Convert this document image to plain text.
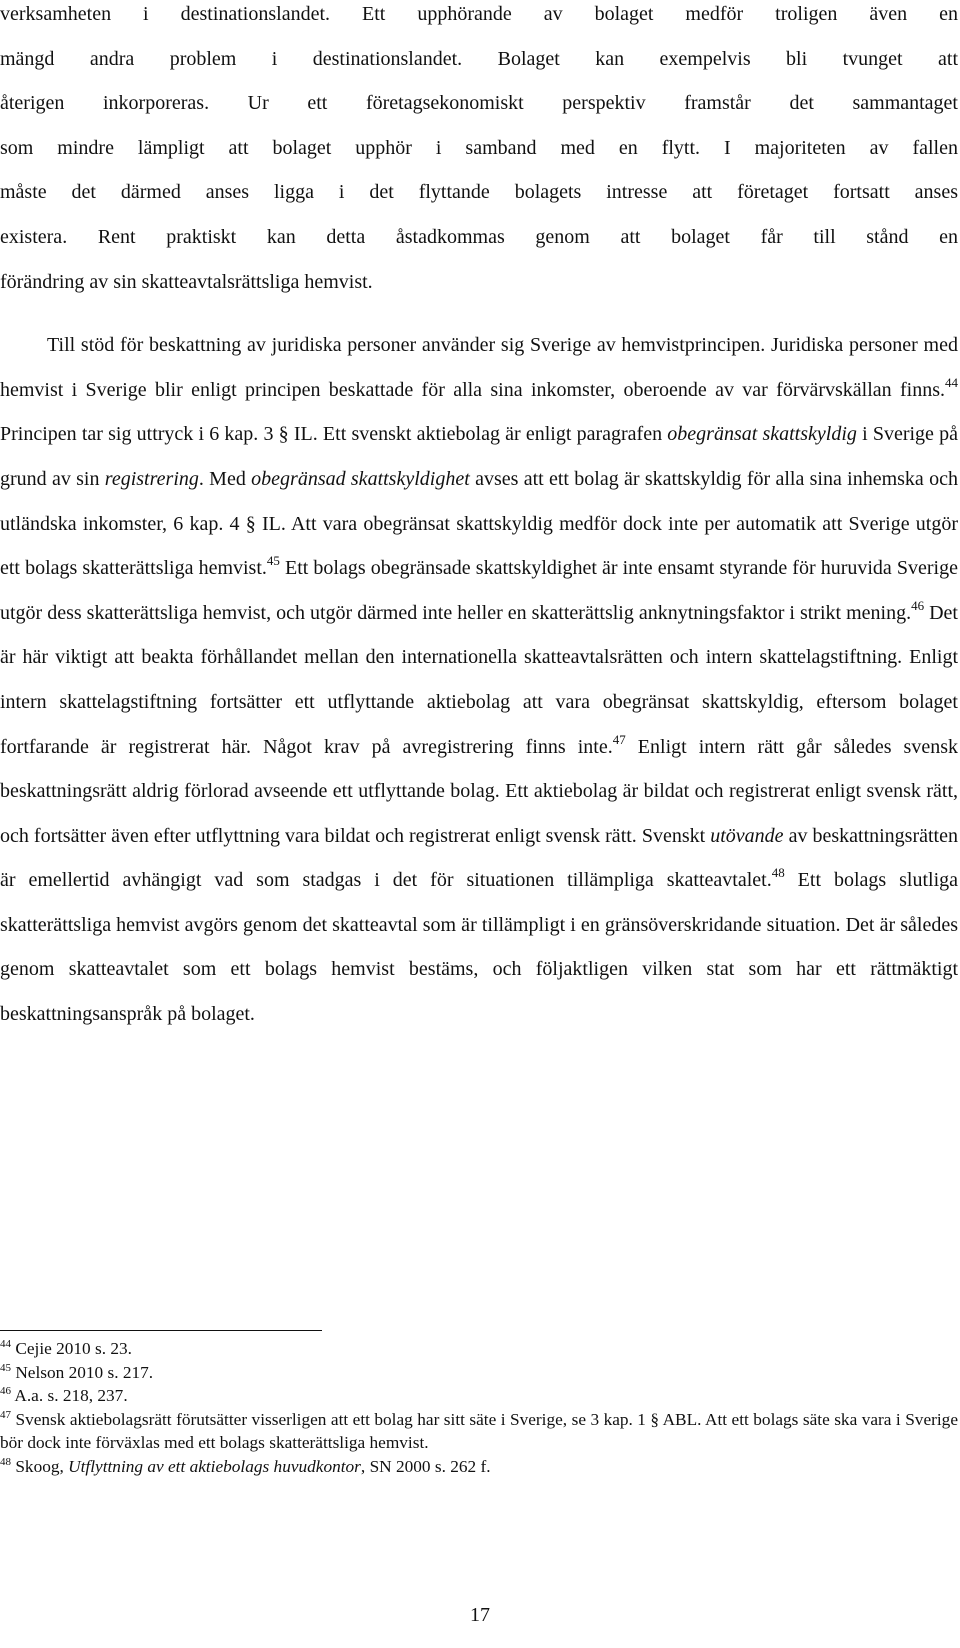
verksamheten i destinationslandet. Ett upphörande av bolaget medför troligen även en
mängd andra problem i destinationslandet. Bolaget kan exempelvis bli tvunget att
återigen inkorporeras. Ur ett företagsekonomiskt perspektiv framstår det sammantaget
som mindre lämpligt att bolaget upphör i samband med en flytt. I majoriteten av fallen
måste det därmed anses ligga i det flyttande bolagets intresse att företaget fortsatt anses
existera. Rent praktiskt kan detta åstadkommas genom att bolaget får till stånd en
förändring av sin skatteavtalsrättsliga hemvist.

Till stöd för beskattning av juridiska personer använder sig Sverige av hemvistprincipen. Juridiska personer med hemvist i Sverige blir enligt principen beskattade för alla sina inkomster, oberoende av var förvärvskällan finns.$^{44}$ Principen tar sig uttryck i 6 kap. 3 § IL. Ett svenskt aktiebolag är enligt paragrafen obegränsat skattskyldig i Sverige på grund av sin registrering. Med obegränsad skattskyldighet avses att ett bolag är skattskyldig för alla sina inhemska och utländska inkomster, 6 kap. 4 § IL. Att vara obegränsat skattskyldig medför dock inte per automatik att Sverige utgör ett bolags skatterättsliga hemvist.$^{45}$ Ett bolags obegränsade skattskyldighet är inte ensamt styrande för huruvida Sverige utgör dess skatterättsliga hemvist, och utgör därmed inte heller en skatterättslig anknytningsfaktor i strikt mening.$^{46}$ Det är här viktigt att beakta förhållandet mellan den internationella skatteavtalsrätten och intern skattelagstiftning. Enligt intern skattelagstiftning fortsätter ett utflyttande aktiebolag att vara obegränsat skattskyldig, eftersom bolaget fortfarande är registrerat här. Något krav på avregistrering finns inte.$^{47}$ Enligt intern rätt går således svensk beskattningsrätt aldrig förlorad avseende ett utflyttande bolag. Ett aktiebolag är bildat och registrerat enligt svensk rätt, och fortsätter även efter utflyttning vara bildat och registrerat enligt svensk rätt. Svenskt utövande av beskattningsrätten är emellertid avhängigt vad som stadgas i det för situationen tillämpliga skatteavtalet.$^{48}$ Ett bolags slutliga skatterättsliga hemvist avgörs genom det skatteavtal som är tillämpligt i en gränsöverskridande situation. Det är således genom skatteavtalet som ett bolags hemvist bestäms, och följaktligen vilken stat som har ett rättmäktigt beskattningsanspråk på bolaget.

$^{44}$ Cejie 2010 s. 23.

$^{45}$ Nelson 2010 s. 217.

$^{46}$ A.a. s. 218, 237.

$^{47}$ Svensk aktiebolagsrätt förutsätter visserligen att ett bolag har sitt säte i Sverige, se 3 kap. 1 § ABL. Att ett bolags säte ska vara i Sverige bör dock inte förväxlas med ett bolags skatterättsliga hemvist.

$^{48}$ Skoog, Utflyttning av ett aktiebolags huvudkontor, SN 2000 s. 262 f.

17
